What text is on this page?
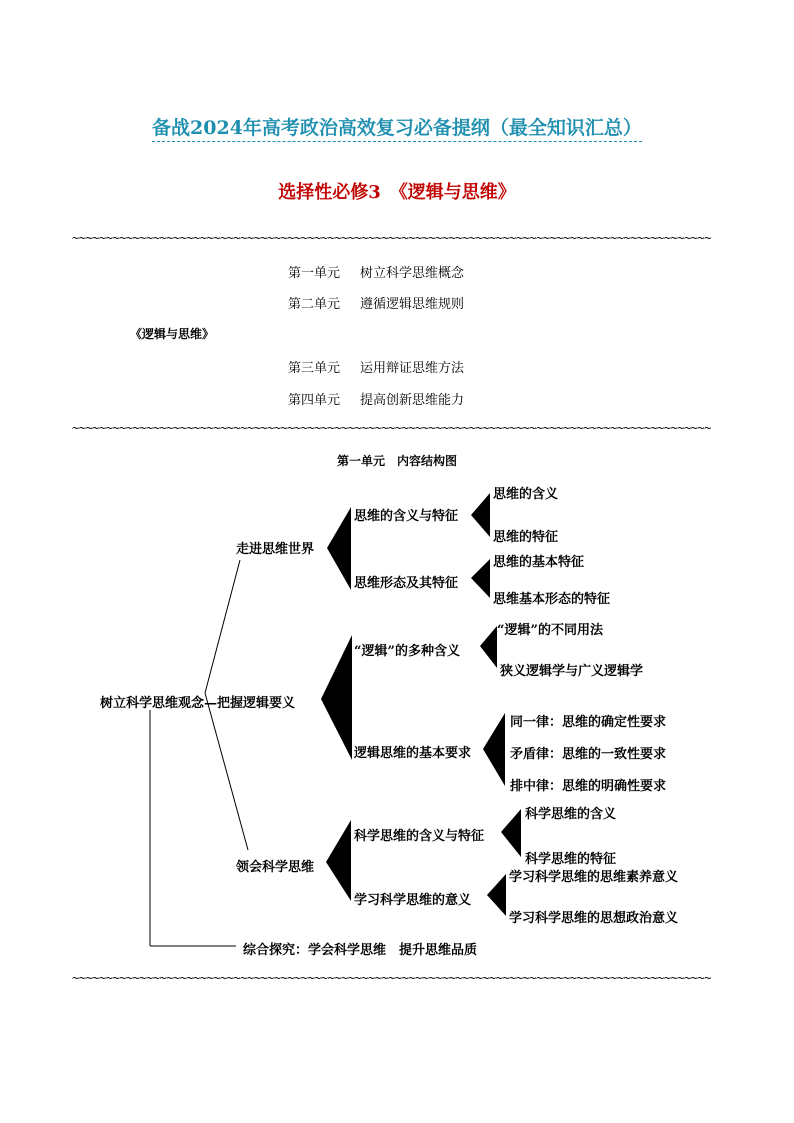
备战2024年高考政治高效复习必备提纲（最全知识汇总）
选择性必修3　《逻辑与思维》
~~~~~~~~~~~~~~~~~~~~~~~~~~~~~~~~~~~~~~~~~~~~~~~~~~~~~~~~~~~~~~~~~~~~~~~~~~~~~~~~~~~~~~~~~~~~~~~
第一单元 树立科学思维概念
第二单元 遵循逻辑思维规则
《逻辑与思维》
第三单元 运用辩证思维方法
第四单元 提高创新思维能力
~~~~~~~~~~~~~~~~~~~~~~~~~~~~~~~~~~~~~~~~~~~~~~~~~~~~~~~~~~~~~~~~~~~~~~~~~~~~~~~~~~~~~~~~~~~~~~~
第一单元　内容结构图
树立科学思维观念—把握逻辑要义
走进思维世界
领会科学思维
综合探究：学会科学思维　提升思维品质
思维的含义与特征
思维形态及其特征
“逻辑”的多种含义
逻辑思维的基本要求
科学思维的含义与特征
学习科学思维的意义
思维的含义
思维的特征
思维的基本特征
思维基本形态的特征
“逻辑”的不同用法
狭义逻辑学与广义逻辑学
同一律：思维的确定性要求
矛盾律：思维的一致性要求
排中律：思维的明确性要求
科学思维的含义
科学思维的特征
学习科学思维的思维素养意义
学习科学思维的思想政治意义
~~~~~~~~~~~~~~~~~~~~~~~~~~~~~~~~~~~~~~~~~~~~~~~~~~~~~~~~~~~~~~~~~~~~~~~~~~~~~~~~~~~~~~~~~~~~~~~
